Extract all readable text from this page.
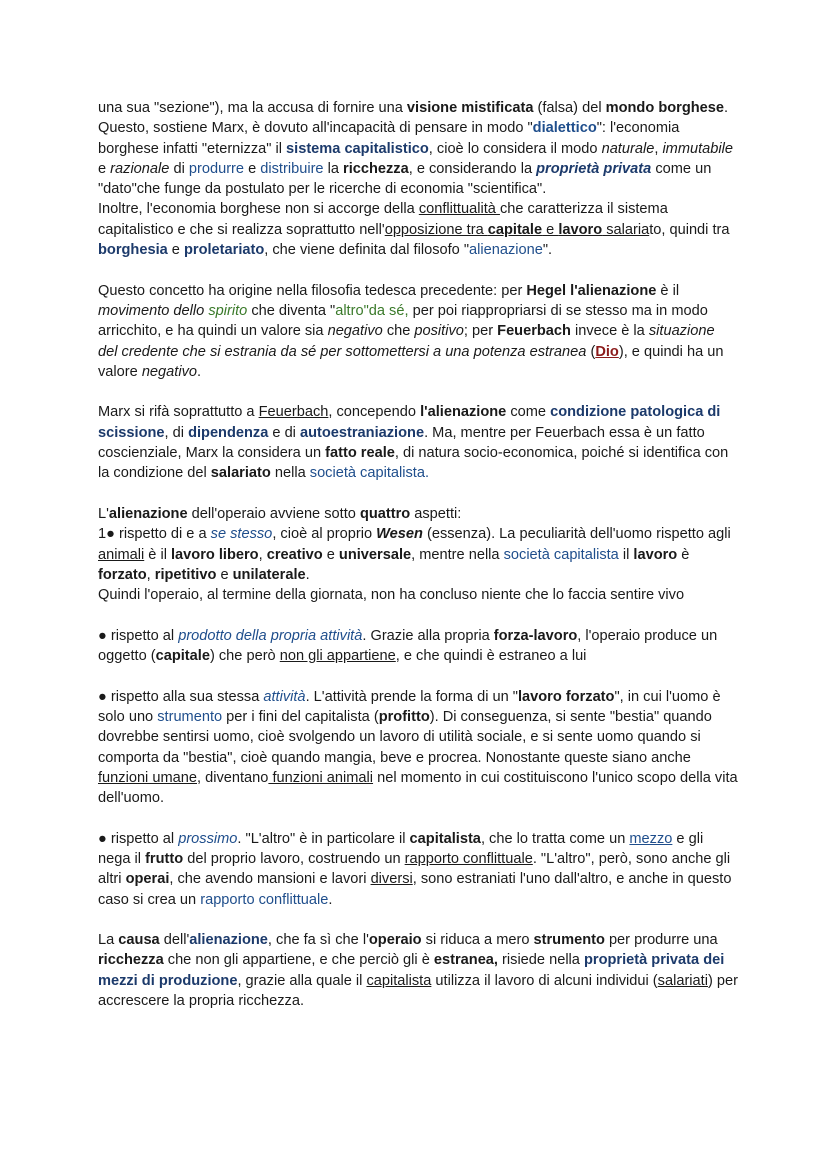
una sua "sezione"), ma la accusa di fornire una visione mistificata (falsa) del mondo borghese.
Questo, sostiene Marx, è dovuto all'incapacità di pensare in modo "dialettico": l'economia borghese infatti "eternizza" il sistema capitalistico, cioè lo considera il modo naturale, immutabile e razionale di produrre e distribuire la ricchezza, e considerando la proprietà privata come un "dato"che funge da postulato per le ricerche di economia "scientifica".
Inoltre, l'economia borghese non si accorge della conflittualità che caratterizza il sistema capitalistico e che si realizza soprattutto nell'opposizione tra capitale e lavoro salariato, quindi tra borghesia e proletariato, che viene definita dal filosofo "alienazione".

Questo concetto ha origine nella filosofia tedesca precedente: per Hegel l'alienazione è il movimento dello spirito che diventa "altro"da sé, per poi riappropriarsi di se stesso ma in modo arricchito, e ha quindi un valore sia negativo che positivo; per Feuerbach invece è la situazione del credente che si estrania da sé per sottomettersi a una potenza estranea (Dio), e quindi ha un valore negativo.

Marx si rifà soprattutto a Feuerbach, concependo l'alienazione come condizione patologica di scissione, di dipendenza e di autoestraniazione. Ma, mentre per Feuerbach essa è un fatto coscienziale, Marx la considera un fatto reale, di natura socio-economica, poiché si identifica con la condizione del salariato nella società capitalista.

L'alienazione dell'operaio avviene sotto quattro aspetti:
1● rispetto di e a se stesso, cioè al proprio Wesen (essenza). La peculiarità dell'uomo rispetto agli animali è il lavoro libero, creativo e universale, mentre nella società capitalista il lavoro è forzato, ripetitivo e unilaterale.
Quindi l'operaio, al termine della giornata, non ha concluso niente che lo faccia sentire vivo

● rispetto al prodotto della propria attività. Grazie alla propria forza-lavoro, l'operaio produce un oggetto (capitale) che però non gli appartiene, e che quindi è estraneo a lui

● rispetto alla sua stessa attività. L'attività prende la forma di un "lavoro forzato", in cui l'uomo è solo uno strumento per i fini del capitalista (profitto). Di conseguenza, si sente "bestia" quando dovrebbe sentirsi uomo, cioè svolgendo un lavoro di utilità sociale, e si sente uomo quando si comporta da "bestia", cioè quando mangia, beve e procrea. Nonostante queste siano anche funzioni umane, diventano funzioni animali nel momento in cui costituiscono l'unico scopo della vita dell'uomo.

● rispetto al prossimo. "L'altro" è in particolare il capitalista, che lo tratta come un mezzo e gli nega il frutto del proprio lavoro, costruendo un rapporto conflittuale. "L'altro", però, sono anche gli altri operai, che avendo mansioni e lavori diversi, sono estraniati l'uno dall'altro, e anche in questo caso si crea un rapporto conflittuale.

La causa dell'alienazione, che fa sì che l'operaio si riduca a mero strumento per produrre una ricchezza che non gli appartiene, e che perciò gli è estranea, risiede nella proprietà privata dei mezzi di produzione, grazie alla quale il capitalista utilizza il lavoro di alcuni individui (salariati) per accrescere la propria ricchezza.
